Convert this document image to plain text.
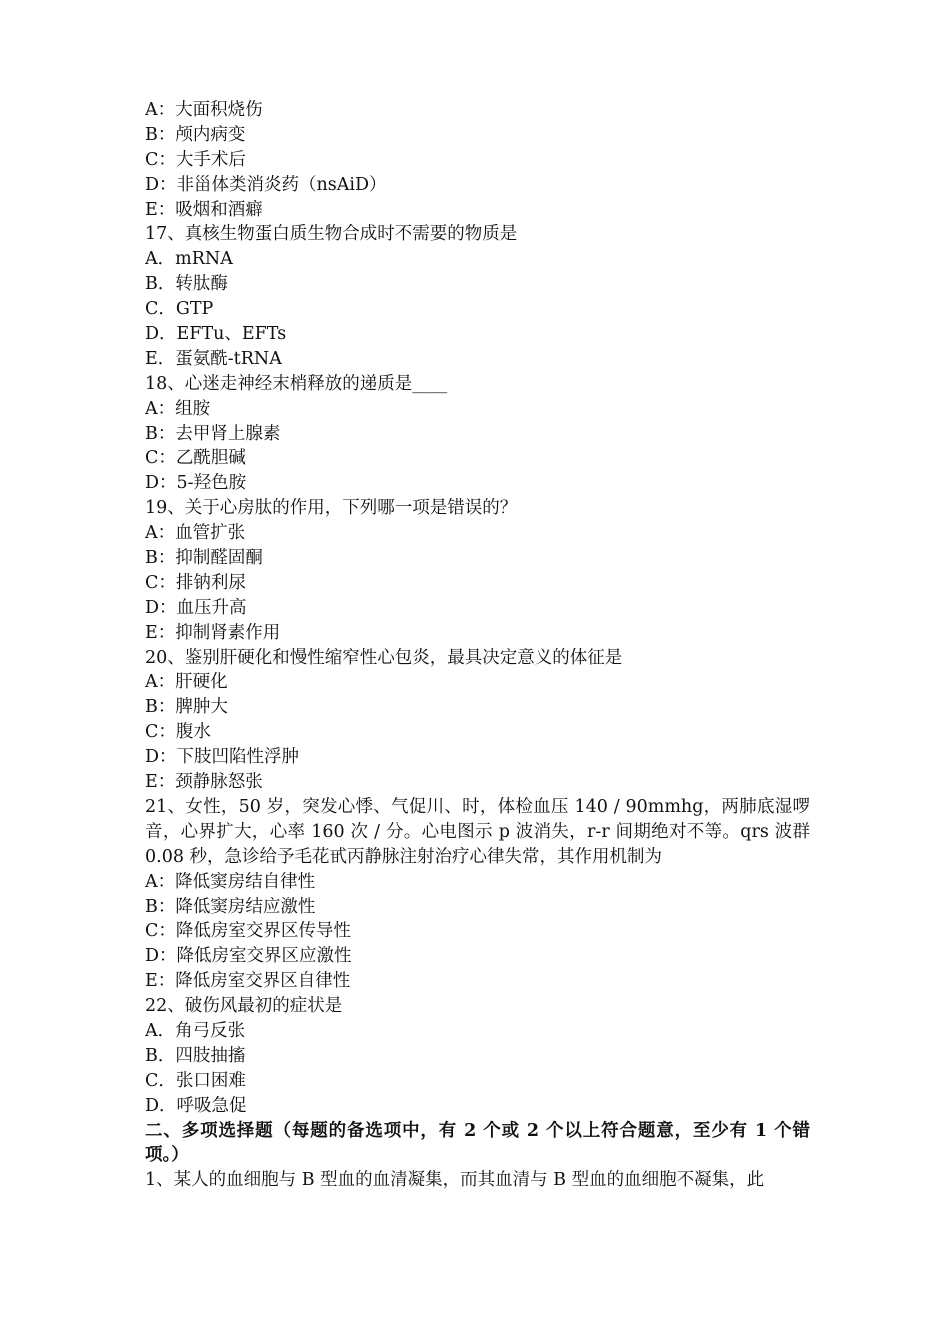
A：大面积烧伤
B：颅内病变
C：大手术后
D：非甾体类消炎药（nsAiD）
E：吸烟和酒癖
17、真核生物蛋白质生物合成时不需要的物质是
A．mRNA
B．转肽酶
C．GTP
D．EFTu、EFTs
E．蛋氨酰-tRNA
18、心迷走神经末梢释放的递质是____
A：组胺
B：去甲肾上腺素
C：乙酰胆碱
D：5-羟色胺
19、关于心房肽的作用，下列哪一项是错误的？
A：血管扩张
B：抑制醛固酮
C：排钠利尿
D：血压升高
E：抑制肾素作用
20、鉴别肝硬化和慢性缩窄性心包炎，最具决定意义的体征是
A：肝硬化
B：脾肿大
C：腹水
D：下肢凹陷性浮肿
E：颈静脉怒张
21、女性，50 岁，突发心悸、气促川、时，体检血压 140 / 90mmhg，两肺底湿啰音，心界扩大，心率 160 次 / 分。心电图示 p 波消失，r-r 间期绝对不等。qrs 波群 0.08 秒，急诊给予毛花甙丙静脉注射治疗心律失常，其作用机制为
A：降低窦房结自律性
B：降低窦房结应激性
C：降低房室交界区传导性
D：降低房室交界区应激性
E：降低房室交界区自律性
22、破伤风最初的症状是
A．角弓反张
B．四肢抽搐
C．张口困难
D．呼吸急促
二、多项选择题（每题的备选项中，有 2 个或 2 个以上符合题意，至少有 1 个错项。）
1、某人的血细胞与 B 型血的血清凝集，而其血清与 B 型血的血细胞不凝集，此
